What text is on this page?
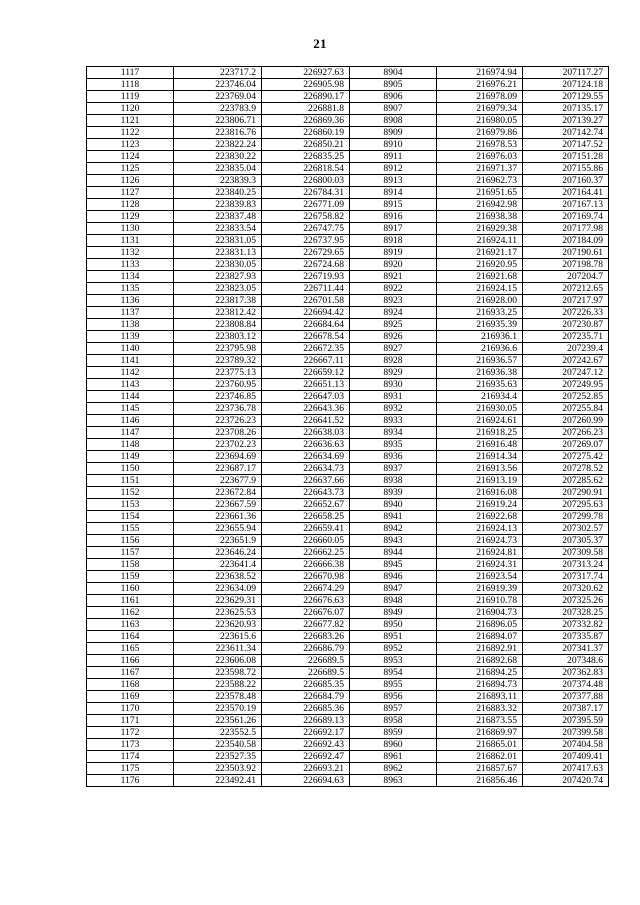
21
1117	223717.2	226927.63	8904	216974.94	207117.27
1118	223746.04	226905.98	8905	216976.21	207124.18
1119	223769.04	226890.17	8906	216978.09	207129.55
1120	223783.9	226881.8	8907	216979.34	207135.17
1121	223806.71	226869.36	8908	216980.05	207139.27
1122	223816.76	226860.19	8909	216979.86	207142.74
1123	223822.24	226850.21	8910	216978.53	207147.52
1124	223830.22	226835.25	8911	216976.03	207151.28
1125	223835.04	226818.54	8912	216971.37	207155.86
1126	223839.3	226800.03	8913	216962.73	207160.37
1127	223840.25	226784.31	8914	216951.65	207164.41
1128	223839.83	226771.09	8915	216942.98	207167.13
1129	223837.48	226758.82	8916	216938.38	207169.74
1130	223833.54	226747.75	8917	216929.38	207177.98
1131	223831.05	226737.95	8918	216924.11	207184.09
1132	223831.13	226729.65	8919	216921.17	207190.61
1133	223830.05	226724.68	8920	216920.95	207198.78
1134	223827.93	226719.93	8921	216921.68	207204.7
1135	223823.05	226711.44	8922	216924.15	207212.65
1136	223817.38	226701.58	8923	216928.00	207217.97
1137	223812.42	226694.42	8924	216933.25	207226.33
1138	223808.84	226684.64	8925	216935.39	207230.87
1139	223803.12	226678.54	8926	216936.1	207235.71
1140	223795.98	226672.35	8927	216936.6	207239.4
1141	223789.32	226667.11	8928	216936.57	207242.67
1142	223775.13	226659.12	8929	216936.38	207247.12
1143	223760.95	226651.13	8930	216935.63	207249.95
1144	223746.85	226647.03	8931	216934.4	207252.85
1145	223736.78	226643.36	8932	216930.05	207255.84
1146	223726.23	226641.52	8933	216924.61	207260.99
1147	223708.26	226638.03	8934	216918.25	207266.23
1148	223702.23	226636.63	8935	216916.48	207269.07
1149	223694.69	226634.69	8936	216914.34	207275.42
1150	223687.17	226634.73	8937	216913.56	207278.52
1151	223677.9	226637.66	8938	216913.19	207285.62
1152	223672.84	226643.73	8939	216916.08	207290.91
1153	223667.59	226652.67	8940	216919.24	207295.63
1154	223661.36	226658.25	8941	216922.68	207299.78
1155	223655.94	226659.41	8942	216924.13	207302.57
1156	223651.9	226660.05	8943	216924.73	207305.37
1157	223646.24	226662.25	8944	216924.81	207309.58
1158	223641.4	226666.38	8945	216924.31	207313.24
1159	223638.52	226670.98	8946	216923.54	207317.74
1160	223634.09	226674.29	8947	216919.39	207320.62
1161	223629.31	226676.63	8948	216910.78	207325.26
1162	223625.53	226676.07	8949	216904.73	207328.25
1163	223620.93	226677.82	8950	216896.05	207332.82
1164	223615.6	226683.26	8951	216894.07	207335.87
1165	223611.34	226686.79	8952	216892.91	207341.37
1166	223606.08	226689.5	8953	216892.68	207348.6
1167	223598.72	226689.5	8954	216894.25	207362.83
1168	223588.22	226685.35	8955	216894.73	207374.48
1169	223578.48	226684.79	8956	216893.11	207377.88
1170	223570.19	226685.36	8957	216883.32	207387.17
1171	223561.26	226689.13	8958	216873.55	207395.59
1172	223552.5	226692.17	8959	216869.97	207399.58
1173	223540.58	226692.43	8960	216865.01	207404.58
1174	223527.35	226692.47	8961	216862.01	207409.41
1175	223503.92	226693.21	8962	216857.67	207417.63
1176	223492.41	226694.63	8963	216856.46	207420.74
